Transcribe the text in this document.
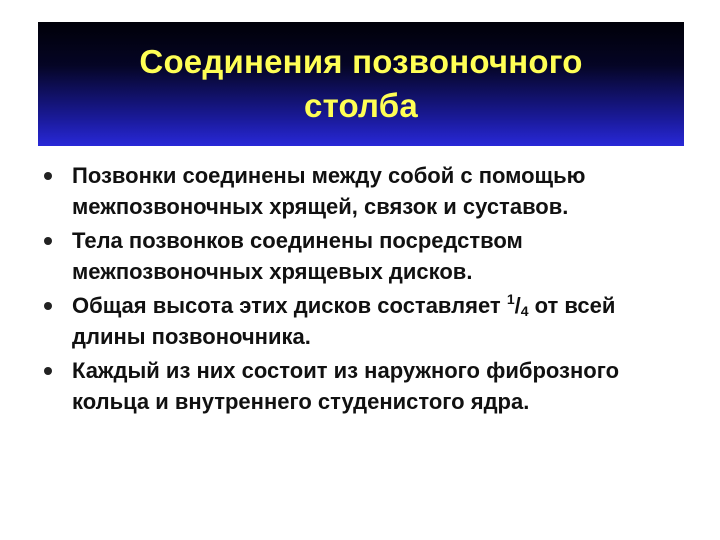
Соединения позвоночного
столба
Позвонки соединены между собой с помощью межпозвоночных хрящей, связок и суставов.
Тела позвонков соединены посредством межпозвоночных хрящевых дисков.
Общая высота этих дисков составляет $^1/_4$ от всей длины позвоночника.
Каждый из них состоит из наружного фиброзного кольца и внутреннего студенистого ядра.
